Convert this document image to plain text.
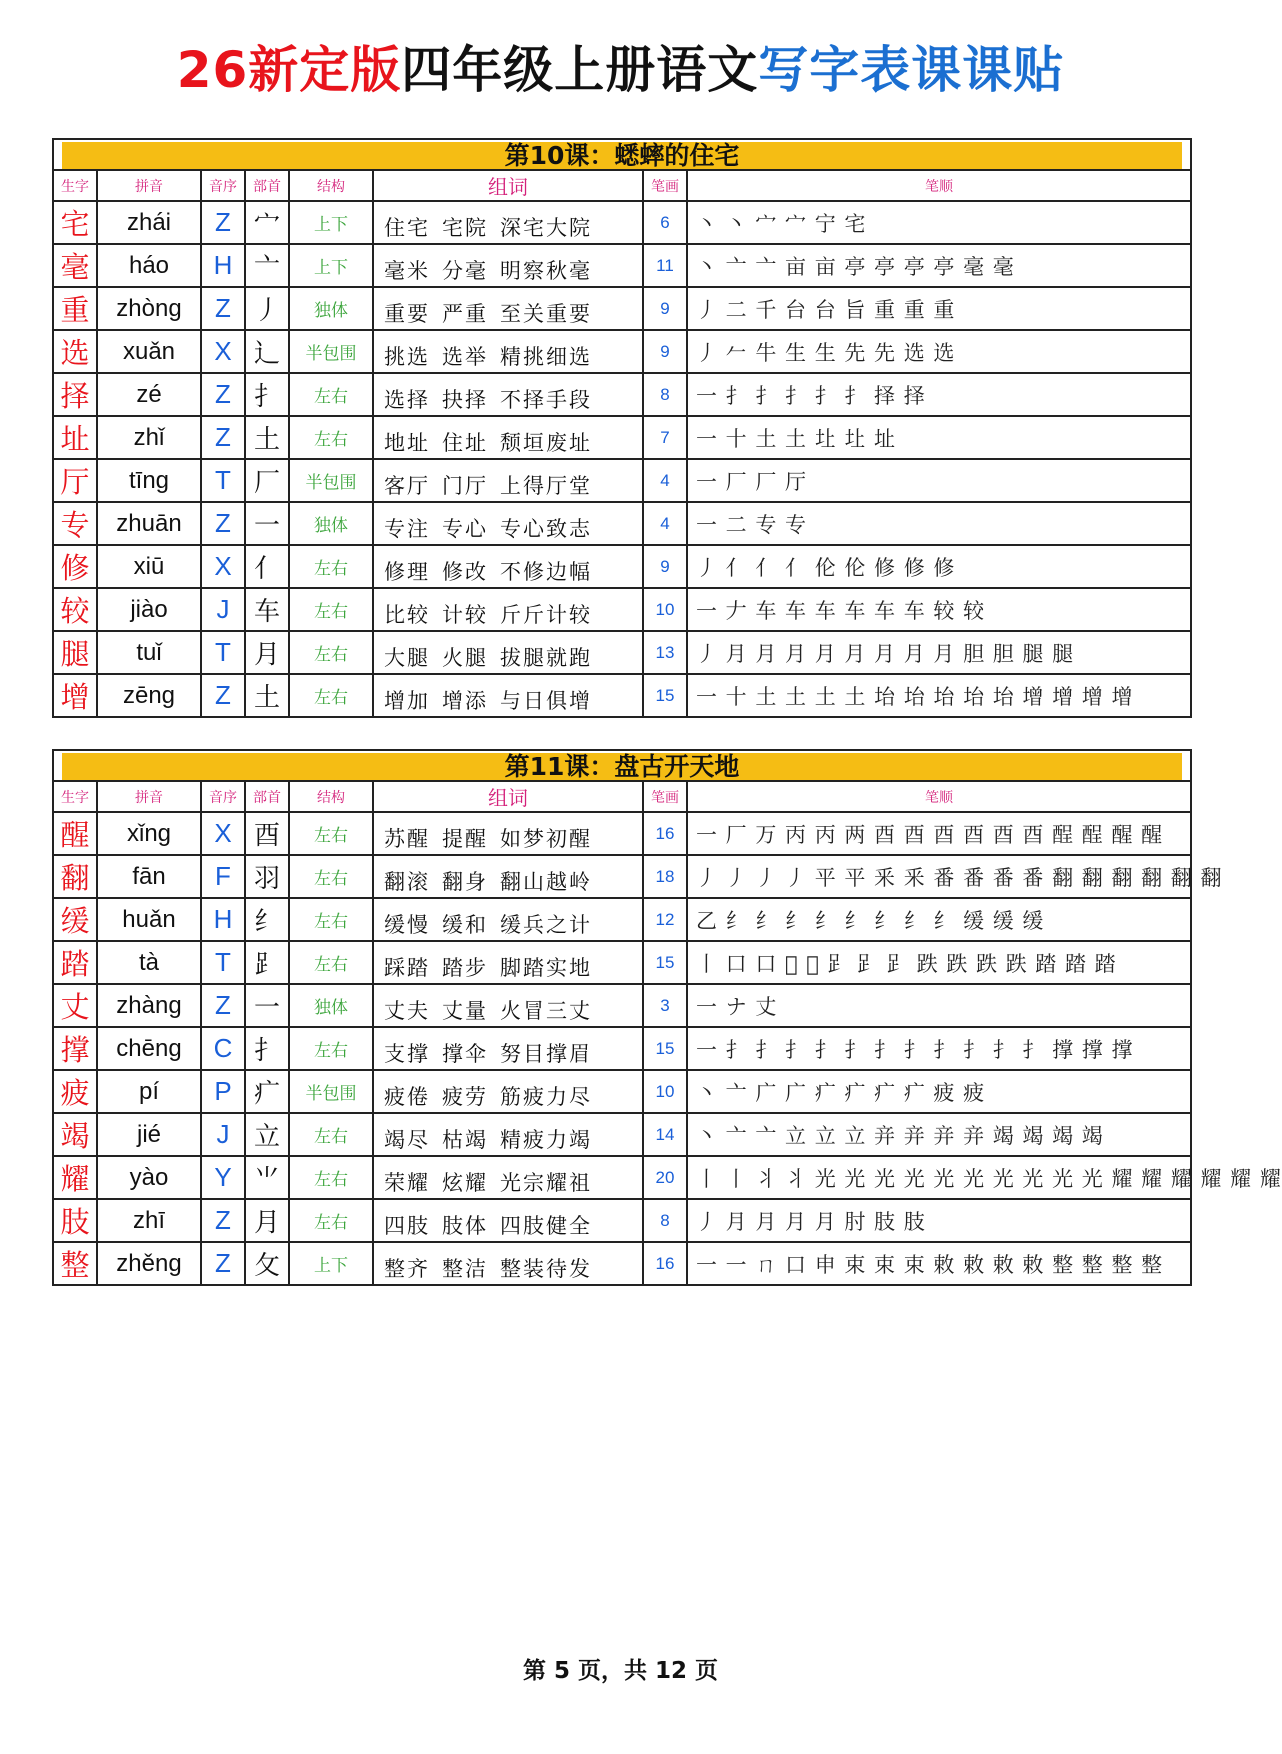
26新定版四年级上册语文写字表课课贴
第10课：蟋蟀的住宅							

生字	拼音	音序	部首	结构	组词	笔画	笔顺
宅	zhái	Z	宀	上下	住宅 宅院 深宅大院	6	丶 丶 宀 宀 宁 宅
毫	háo	H	亠	上下	毫米 分毫 明察秋毫	11	丶 亠 亠 亩 亩 亭 亭 亭 亭 毫 毫
重	zhòng	Z	丿	独体	重要 严重 至关重要	9	丿 二 千 台 台 旨 重 重 重
选	xuǎn	X	辶	半包围	挑选 选举 精挑细选	9	丿 𠂉 牛 生 生 先 先 选 选
择	zé	Z	扌	左右	选择 抉择 不择手段	8	一 扌 扌 扌 扌 扌 择 择
址	zhǐ	Z	土	左右	地址 住址 颓垣废址	7	一 十 土 土 圵 圵 址
厅	tīng	T	厂	半包围	客厅 门厅 上得厅堂	4	一 厂 厂 厅
专	zhuān	Z	一	独体	专注 专心 专心致志	4	一 二 专 专
修	xiū	X	亻	左右	修理 修改 不修边幅	9	丿 亻 亻 亻 伦 伦 修 修 修
较	jiào	J	车	左右	比较 计较 斤斤计较	10	一 𠂇 车 车 车 车 车 车 较 较
腿	tuǐ	T	月	左右	大腿 火腿 拔腿就跑	13	丿 月 月 月 月 月 月 月 月 胆 胆 腿 腿
增	zēng	Z	土	左右	增加 增添 与日俱增	15	一 十 土 土 土 土 坮 坮 坮 坮 坮 增 增 增 增
第11课：盘古开天地							

生字	拼音	音序	部首	结构	组词	笔画	笔顺
醒	xǐng	X	酉	左右	苏醒 提醒 如梦初醒	16	一 厂 万 丙 丙 两 酉 酉 酉 酉 酉 酉 酲 酲 醒 醒
翻	fān	F	羽	左右	翻滚 翻身 翻山越岭	18	丿 丿 丿 丿 平 平 釆 釆 番 番 番 番 翻 翻 翻 翻 翻 翻
缓	huǎn	H	纟	左右	缓慢 缓和 缓兵之计	12	乙 纟 纟 纟 纟 纟 纟 纟 纟 缓 缓 缓
踏	tà	T	⻊	左右	踩踏 踏步 脚踏实地	15	丨 口 口 𠯁 𠯁 𧾷 𧾷 𧾷 跌 跌 跌 跌 踏 踏 踏
丈	zhàng	Z	一	独体	丈夫 丈量 火冒三丈	3	一 ナ 丈
撑	chēng	C	扌	左右	支撑 撑伞 努目撑眉	15	一 扌 扌 扌 扌 扌 扌 扌 扌 扌 扌 扌 撑 撑 撑
疲	pí	P	疒	半包围	疲倦 疲劳 筋疲力尽	10	丶 亠 广 广 疒 疒 疒 疒 疲 疲
竭	jié	J	立	左右	竭尽 枯竭 精疲力竭	14	丶 亠 亠 立 立 立 竎 竎 竎 竎 竭 竭 竭 竭
耀	yào	Y	⺌	左右	荣耀 炫耀 光宗耀祖	20	丨 丨 丬 丬 光 光 光 光 光 光 光 光 光 光 耀 耀 耀 耀 耀 耀
肢	zhī	Z	月	左右	四肢 肢体 四肢健全	8	丿 月 月 月 月 肘 肢 肢
整	zhěng	Z	攵	上下	整齐 整洁 整装待发	16	一 一 ㄇ 口 申 束 束 束 敕 敕 敕 敕 整 整 整 整
第 5 页，共 12 页
